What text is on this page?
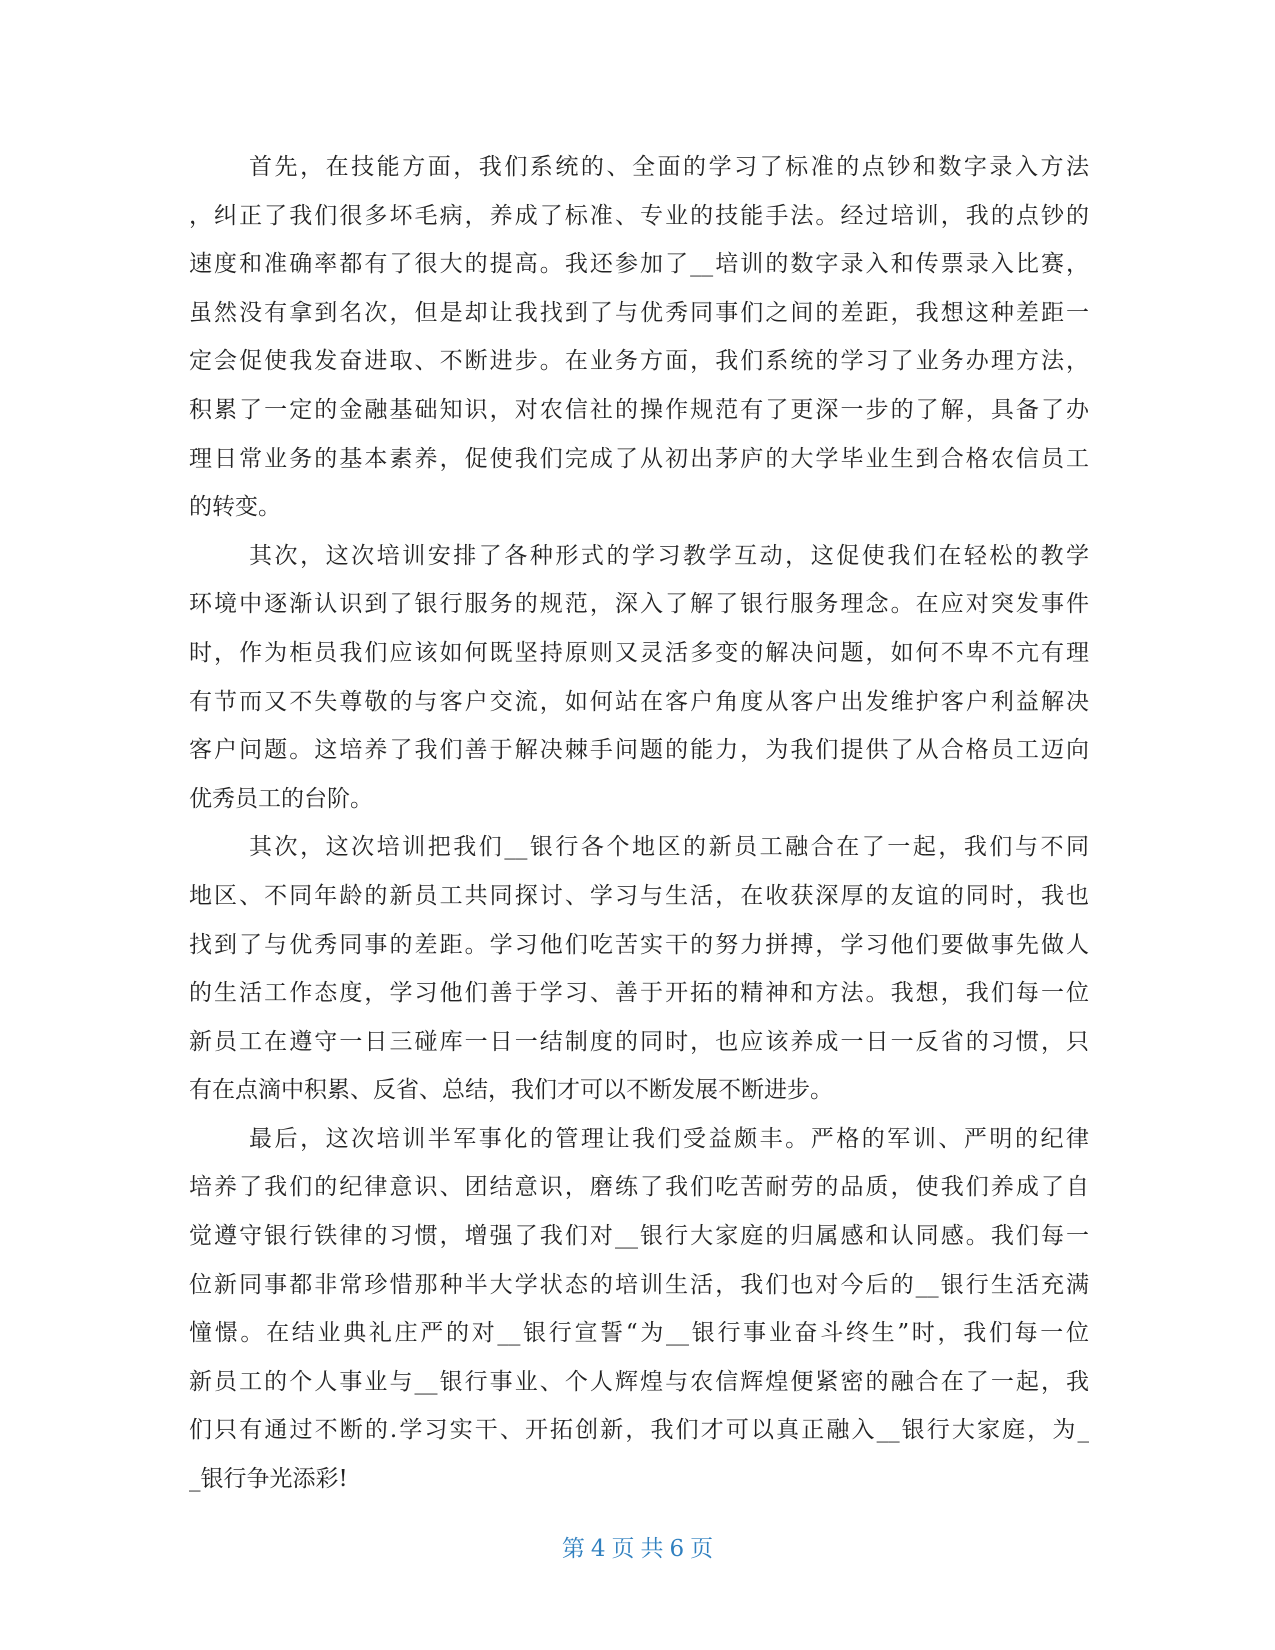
首先，在技能方面，我们系统的、全面的学习了标准的点钞和数字录入方法
，纠正了我们很多坏毛病，养成了标准、专业的技能手法。经过培训，我的点钞的
速度和准确率都有了很大的提高。我还参加了__培训的数字录入和传票录入比赛，
虽然没有拿到名次，但是却让我找到了与优秀同事们之间的差距，我想这种差距一
定会促使我发奋进取、不断进步。在业务方面，我们系统的学习了业务办理方法，
积累了一定的金融基础知识，对农信社的操作规范有了更深一步的了解，具备了办
理日常业务的基本素养，促使我们完成了从初出茅庐的大学毕业生到合格农信员工
的转变。
其次，这次培训安排了各种形式的学习教学互动，这促使我们在轻松的教学
环境中逐渐认识到了银行服务的规范，深入了解了银行服务理念。在应对突发事件
时，作为柜员我们应该如何既坚持原则又灵活多变的解决问题，如何不卑不亢有理
有节而又不失尊敬的与客户交流，如何站在客户角度从客户出发维护客户利益解决
客户问题。这培养了我们善于解决棘手问题的能力，为我们提供了从合格员工迈向
优秀员工的台阶。
其次，这次培训把我们__银行各个地区的新员工融合在了一起，我们与不同
地区、不同年龄的新员工共同探讨、学习与生活，在收获深厚的友谊的同时，我也
找到了与优秀同事的差距。学习他们吃苦实干的努力拼搏，学习他们要做事先做人
的生活工作态度，学习他们善于学习、善于开拓的精神和方法。我想，我们每一位
新员工在遵守一日三碰库一日一结制度的同时，也应该养成一日一反省的习惯，只
有在点滴中积累、反省、总结，我们才可以不断发展不断进步。
最后，这次培训半军事化的管理让我们受益颇丰。严格的军训、严明的纪律
培养了我们的纪律意识、团结意识，磨练了我们吃苦耐劳的品质，使我们养成了自
觉遵守银行铁律的习惯，增强了我们对__银行大家庭的归属感和认同感。我们每一
位新同事都非常珍惜那种半大学状态的培训生活，我们也对今后的__银行生活充满
憧憬。在结业典礼庄严的对__银行宣誓“为__银行事业奋斗终生”时，我们每一位
新员工的个人事业与__银行事业、个人辉煌与农信辉煌便紧密的融合在了一起，我
们只有通过不断的.学习实干、开拓创新，我们才可以真正融入__银行大家庭，为_
_银行争光添彩!
第 4 页 共 6 页
